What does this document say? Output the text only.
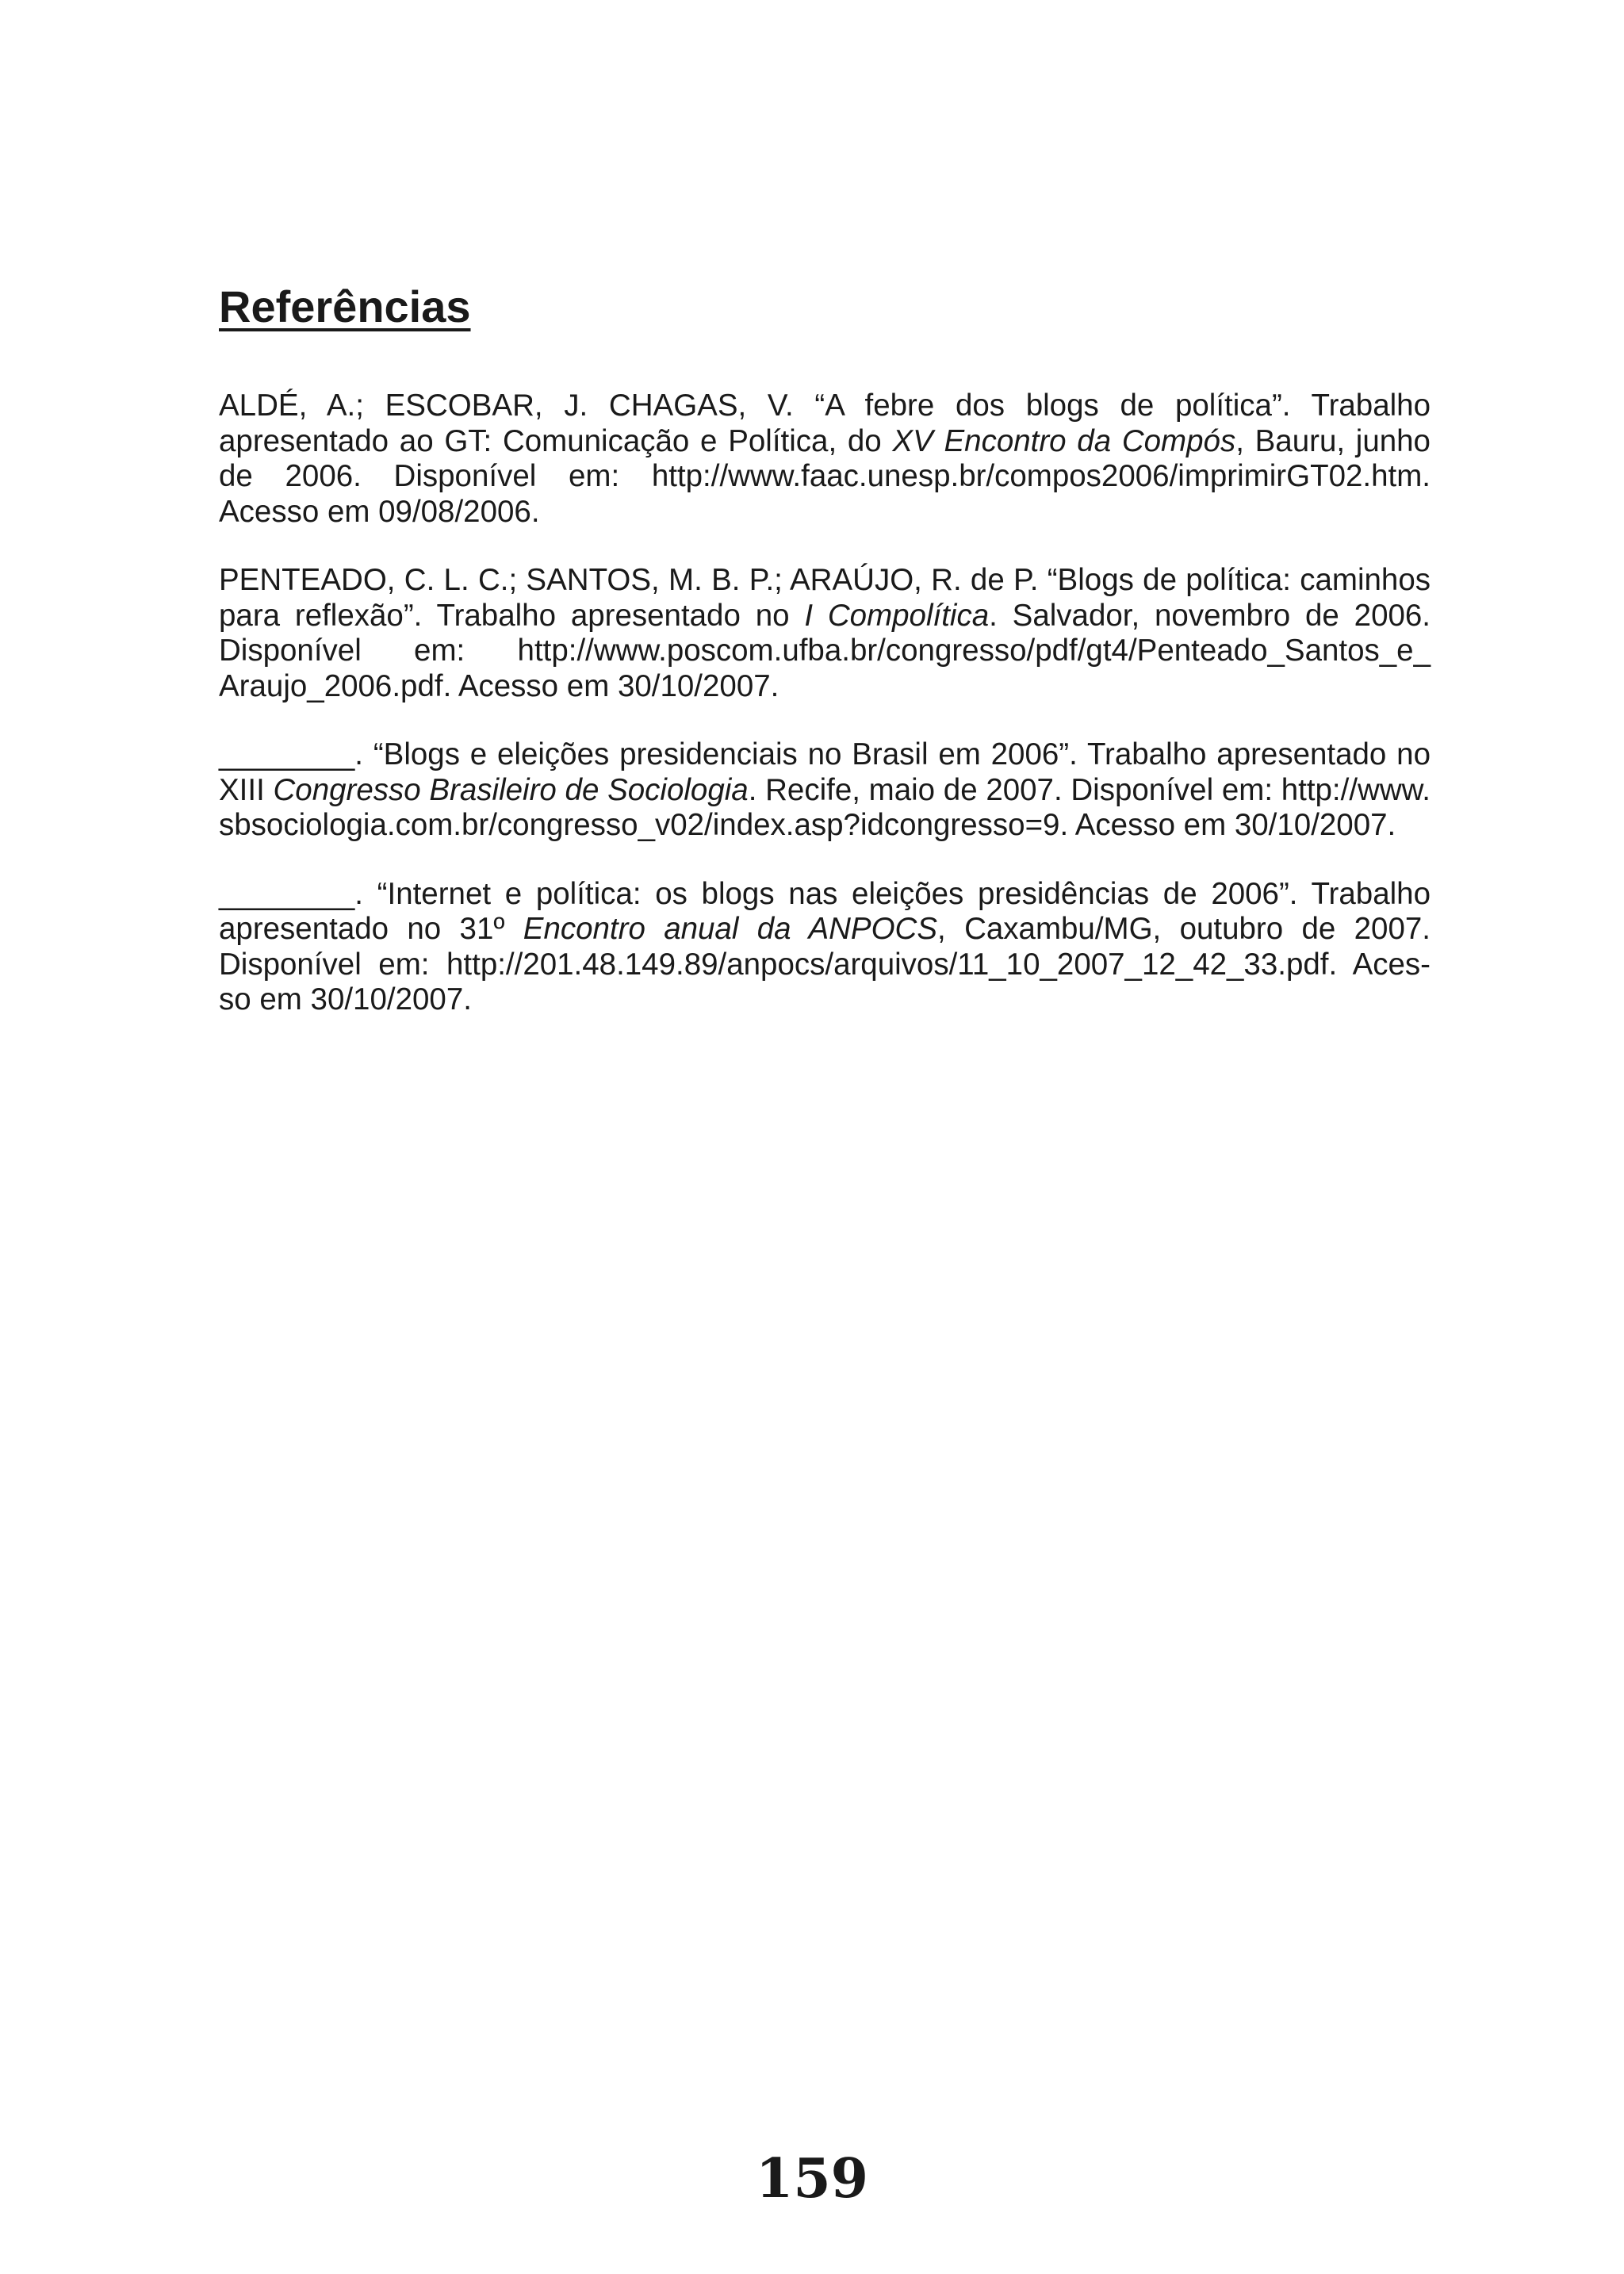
Referências

ALDÉ, A.; ESCOBAR, J. CHAGAS, V. “A febre dos blogs de política”. Trabalho apresentado ao GT: Comunicação e Política, do XV Encontro da Compós, Bauru, junho de 2006. Disponível em: http://www.faac.unesp.br/compos2006/imprimirGT02.htm. Acesso em 09/08/2006.

PENTEADO, C. L. C.; SANTOS, M. B. P.; ARAÚJO, R. de P. “Blogs de política: caminhos para reflexão”. Trabalho apresentado no I Compolítica. Salvador, novembro de 2006. Disponível em: http://www.poscom.ufba.br/congresso/pdf/gt4/Penteado_Santos_e_ Araujo_2006.pdf. Acesso em 30/10/2007.

________. “Blogs e eleições presidenciais no Brasil em 2006”. Trabalho apresentado no XIII Congresso Brasileiro de Sociologia. Recife, maio de 2007. Disponível em: http://www. sbsociologia.com.br/congresso_v02/index.asp?idcongresso=9. Acesso em 30/10/2007.

________. “Internet e política: os blogs nas eleições presidências de 2006”. Trabalho apresentado no 31º Encontro anual da ANPOCS, Caxambu/MG, outubro de 2007. Disponível em: http://201.48.149.89/anpocs/arquivos/11_10_2007_12_42_33.pdf. Aces- so em 30/10/2007.

159
